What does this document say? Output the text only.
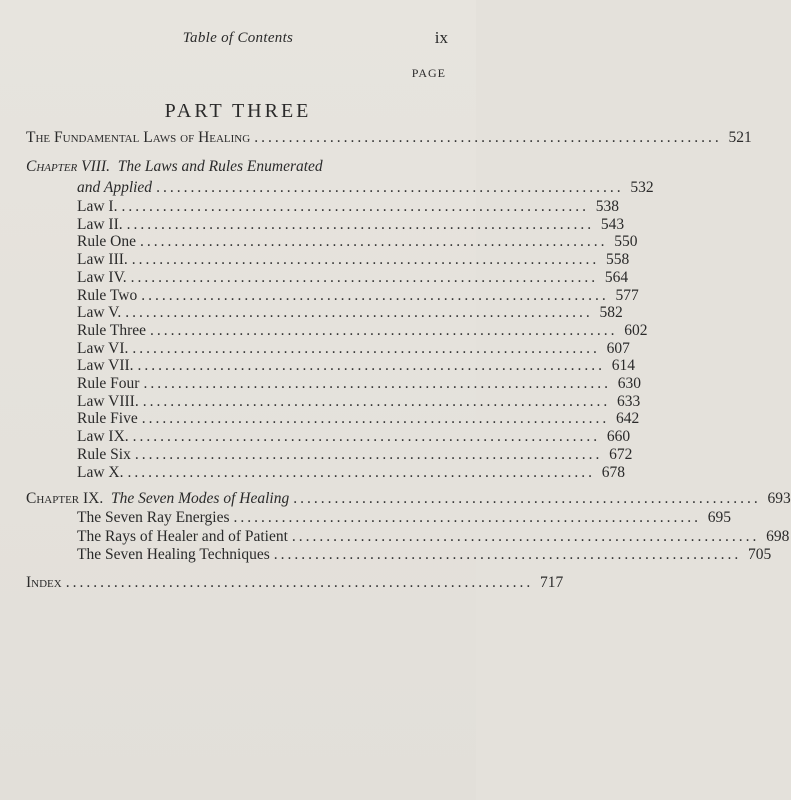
Table of Contents	ix
PAGE
PART THREE
The Fundamental Laws of Healing .................................................................... 521
Chapter VIII. The Laws and Rules Enumerated
and Applied .................................................................... 532
Law I. .................................................................... 538
Law II. .................................................................... 543
Rule One .................................................................... 550
Law III. .................................................................... 558
Law IV. .................................................................... 564
Rule Two .................................................................... 577
Law V. .................................................................... 582
Rule Three .................................................................... 602
Law VI. .................................................................... 607
Law VII. .................................................................... 614
Rule Four .................................................................... 630
Law VIII. .................................................................... 633
Rule Five .................................................................... 642
Law IX. .................................................................... 660
Rule Six .................................................................... 672
Law X. .................................................................... 678
Chapter IX. The Seven Modes of Healing .................................................................... 693
The Seven Ray Energies .................................................................... 695
The Rays of Healer and of Patient .................................................................... 698
The Seven Healing Techniques .................................................................... 705
Index .................................................................... 717
